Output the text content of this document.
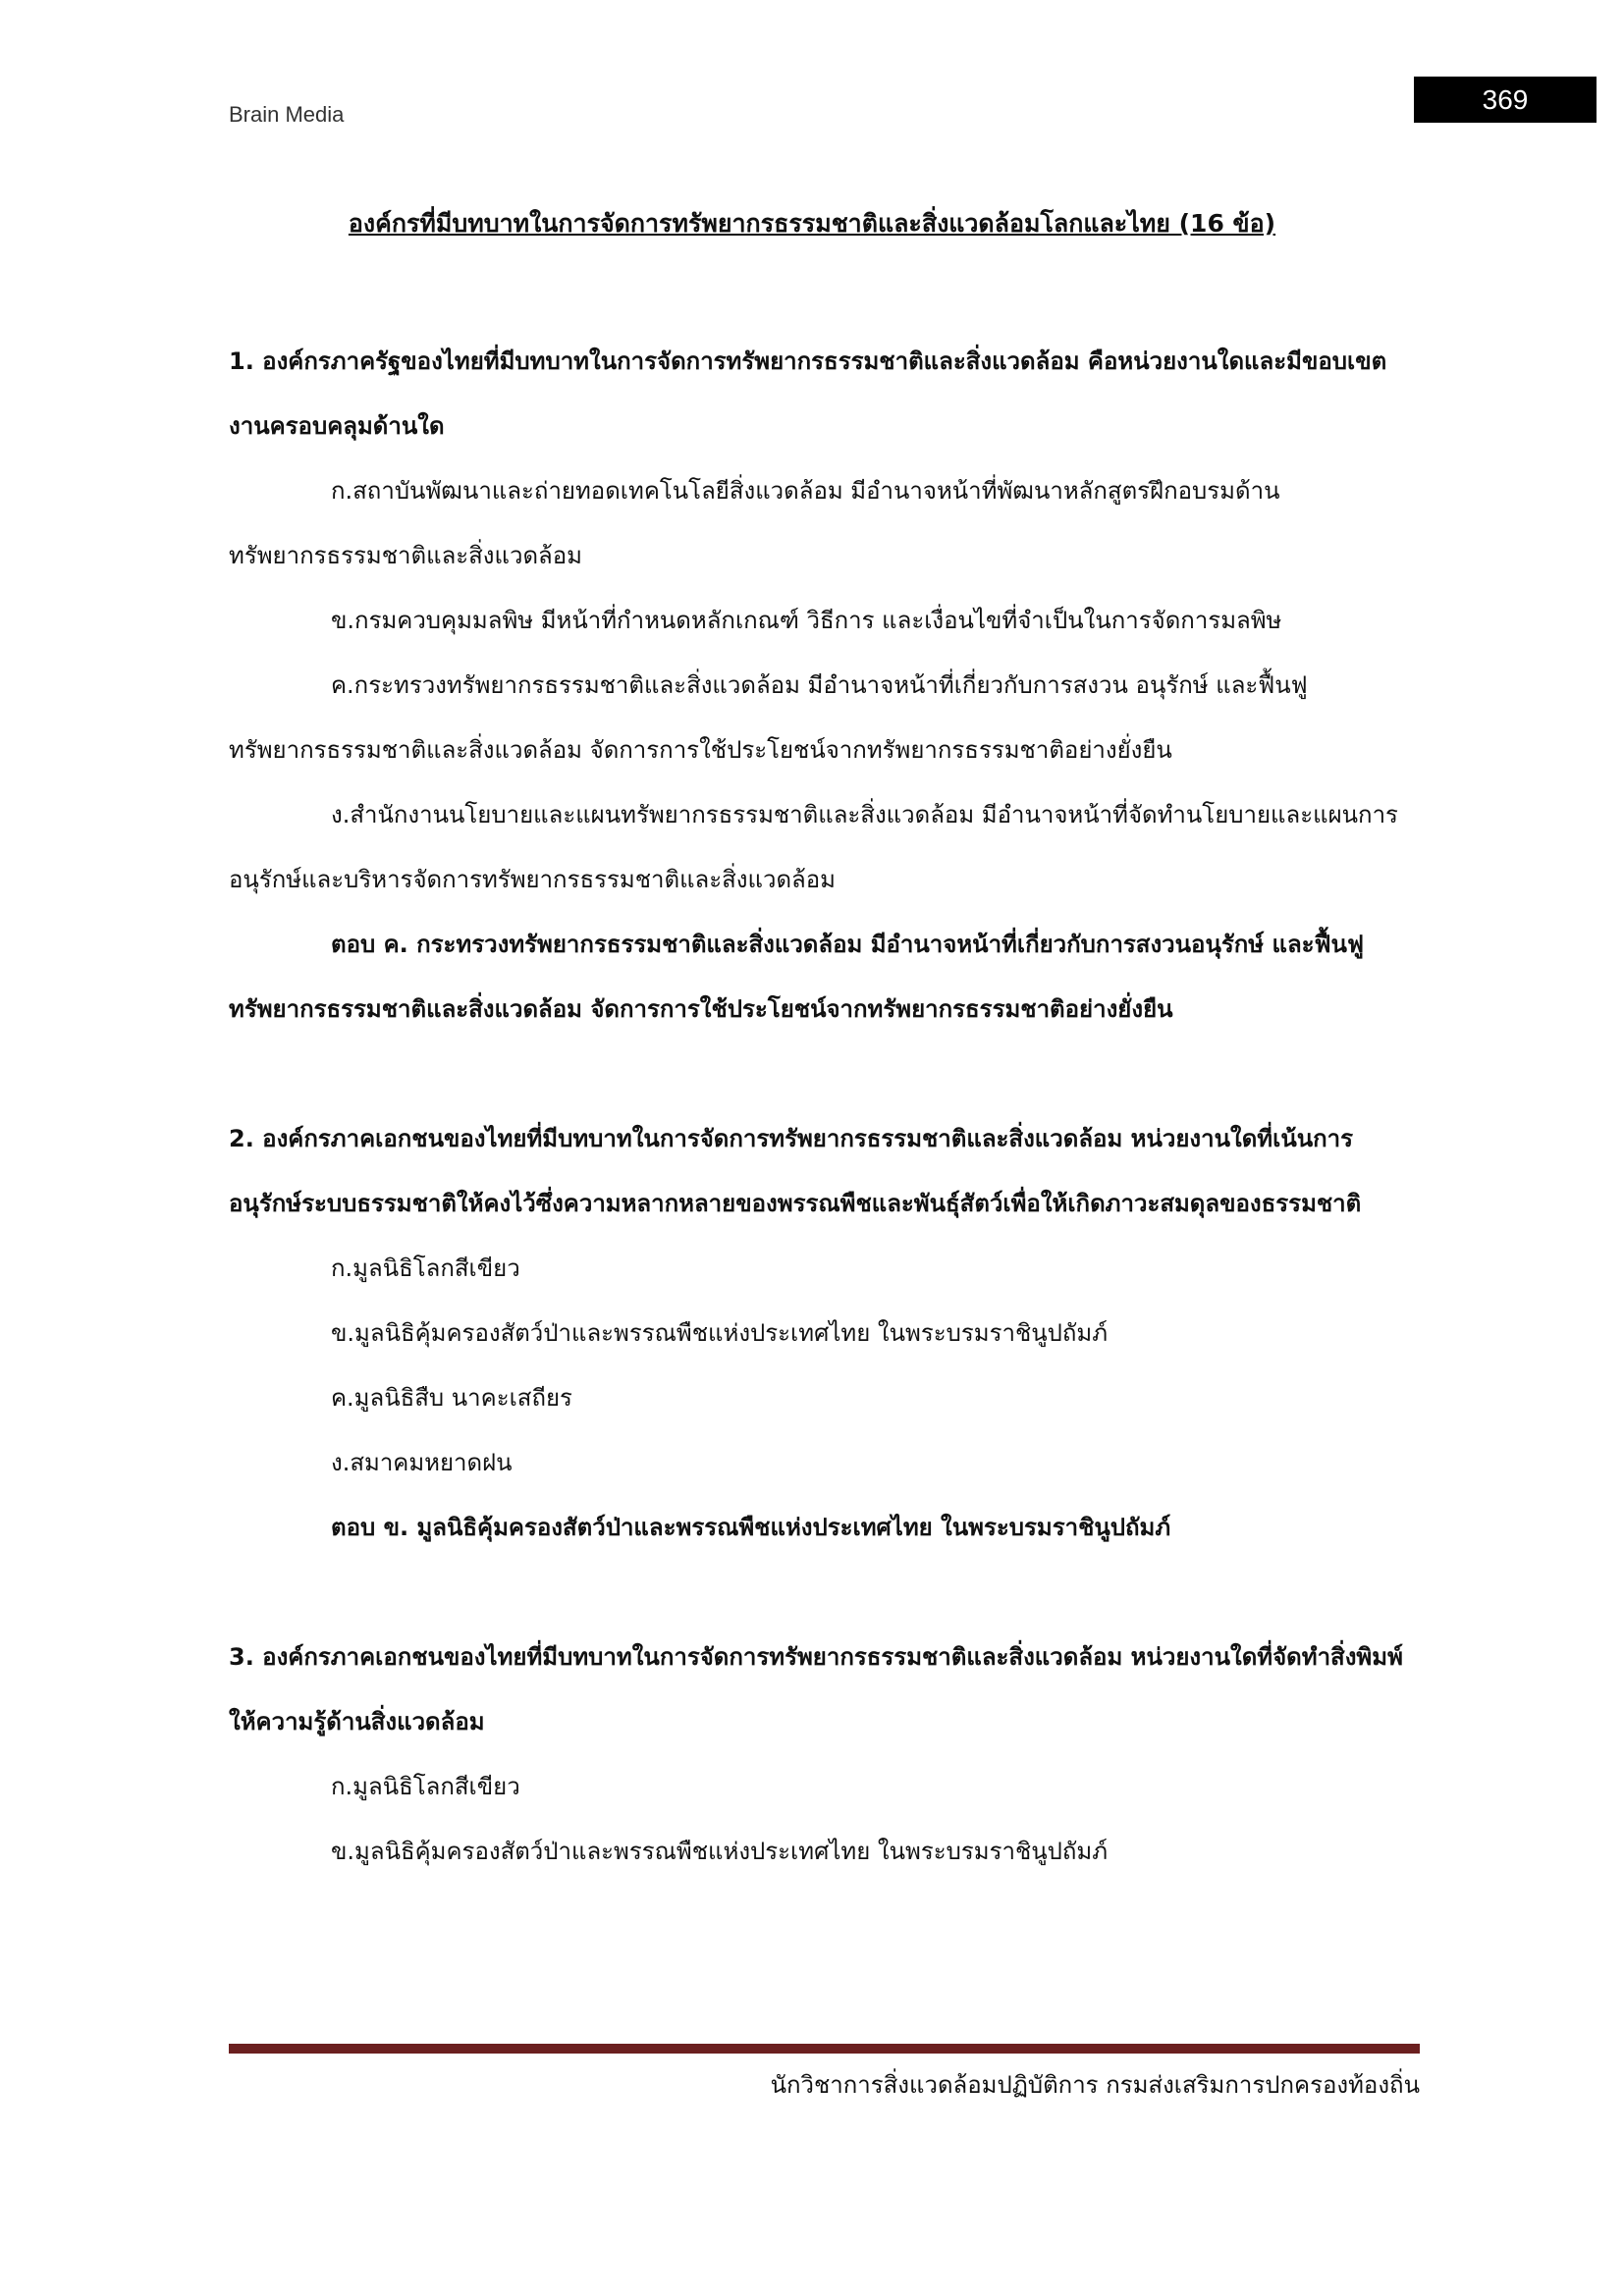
Brain Media	369
องค์กรที่มีบทบาทในการจัดการทรัพยากรธรรมชาติและสิ่งแวดล้อมโลกและไทย (16 ข้อ)

1. องค์กรภาครัฐของไทยที่มีบทบาทในการจัดการทรัพยากรธรรมชาติและสิ่งแวดล้อม คือหน่วยงานใดและมีขอบเขตงานครอบคลุมด้านใด

ก.สถาบันพัฒนาและถ่ายทอดเทคโนโลยีสิ่งแวดล้อม มีอำนาจหน้าที่พัฒนาหลักสูตรฝึกอบรมด้านทรัพยากรธรรมชาติและสิ่งแวดล้อม

ข.กรมควบคุมมลพิษ มีหน้าที่กำหนดหลักเกณฑ์ วิธีการ และเงื่อนไขที่จำเป็นในการจัดการมลพิษ

ค.กระทรวงทรัพยากรธรรมชาติและสิ่งแวดล้อม มีอำนาจหน้าที่เกี่ยวกับการสงวน อนุรักษ์ และฟื้นฟูทรัพยากรธรรมชาติและสิ่งแวดล้อม จัดการการใช้ประโยชน์จากทรัพยากรธรรมชาติอย่างยั่งยืน

ง.สำนักงานนโยบายและแผนทรัพยากรธรรมชาติและสิ่งแวดล้อม มีอำนาจหน้าที่จัดทำนโยบายและแผนการอนุรักษ์และบริหารจัดการทรัพยากรธรรมชาติและสิ่งแวดล้อม

ตอบ ค. กระทรวงทรัพยากรธรรมชาติและสิ่งแวดล้อม มีอำนาจหน้าที่เกี่ยวกับการสงวนอนุรักษ์ และฟื้นฟูทรัพยากรธรรมชาติและสิ่งแวดล้อม จัดการการใช้ประโยชน์จากทรัพยากรธรรมชาติอย่างยั่งยืน

2. องค์กรภาคเอกชนของไทยที่มีบทบาทในการจัดการทรัพยากรธรรมชาติและสิ่งแวดล้อม หน่วยงานใดที่เน้นการอนุรักษ์ระบบธรรมชาติให้คงไว้ซึ่งความหลากหลายของพรรณพืชและพันธุ์สัตว์เพื่อให้เกิดภาวะสมดุลของธรรมชาติ

ก.มูลนิธิโลกสีเขียว

ข.มูลนิธิคุ้มครองสัตว์ป่าและพรรณพืชแห่งประเทศไทย ในพระบรมราชินูปถัมภ์

ค.มูลนิธิสืบ นาคะเสถียร

ง.สมาคมหยาดฝน

ตอบ ข. มูลนิธิคุ้มครองสัตว์ป่าและพรรณพืชแห่งประเทศไทย ในพระบรมราชินูปถัมภ์

3. องค์กรภาคเอกชนของไทยที่มีบทบาทในการจัดการทรัพยากรธรรมชาติและสิ่งแวดล้อม หน่วยงานใดที่จัดทำสิ่งพิมพ์ให้ความรู้ด้านสิ่งแวดล้อม

ก.มูลนิธิโลกสีเขียว

ข.มูลนิธิคุ้มครองสัตว์ป่าและพรรณพืชแห่งประเทศไทย ในพระบรมราชินูปถัมภ์

นักวิชาการสิ่งแวดล้อมปฏิบัติการ กรมส่งเสริมการปกครองท้องถิ่น
